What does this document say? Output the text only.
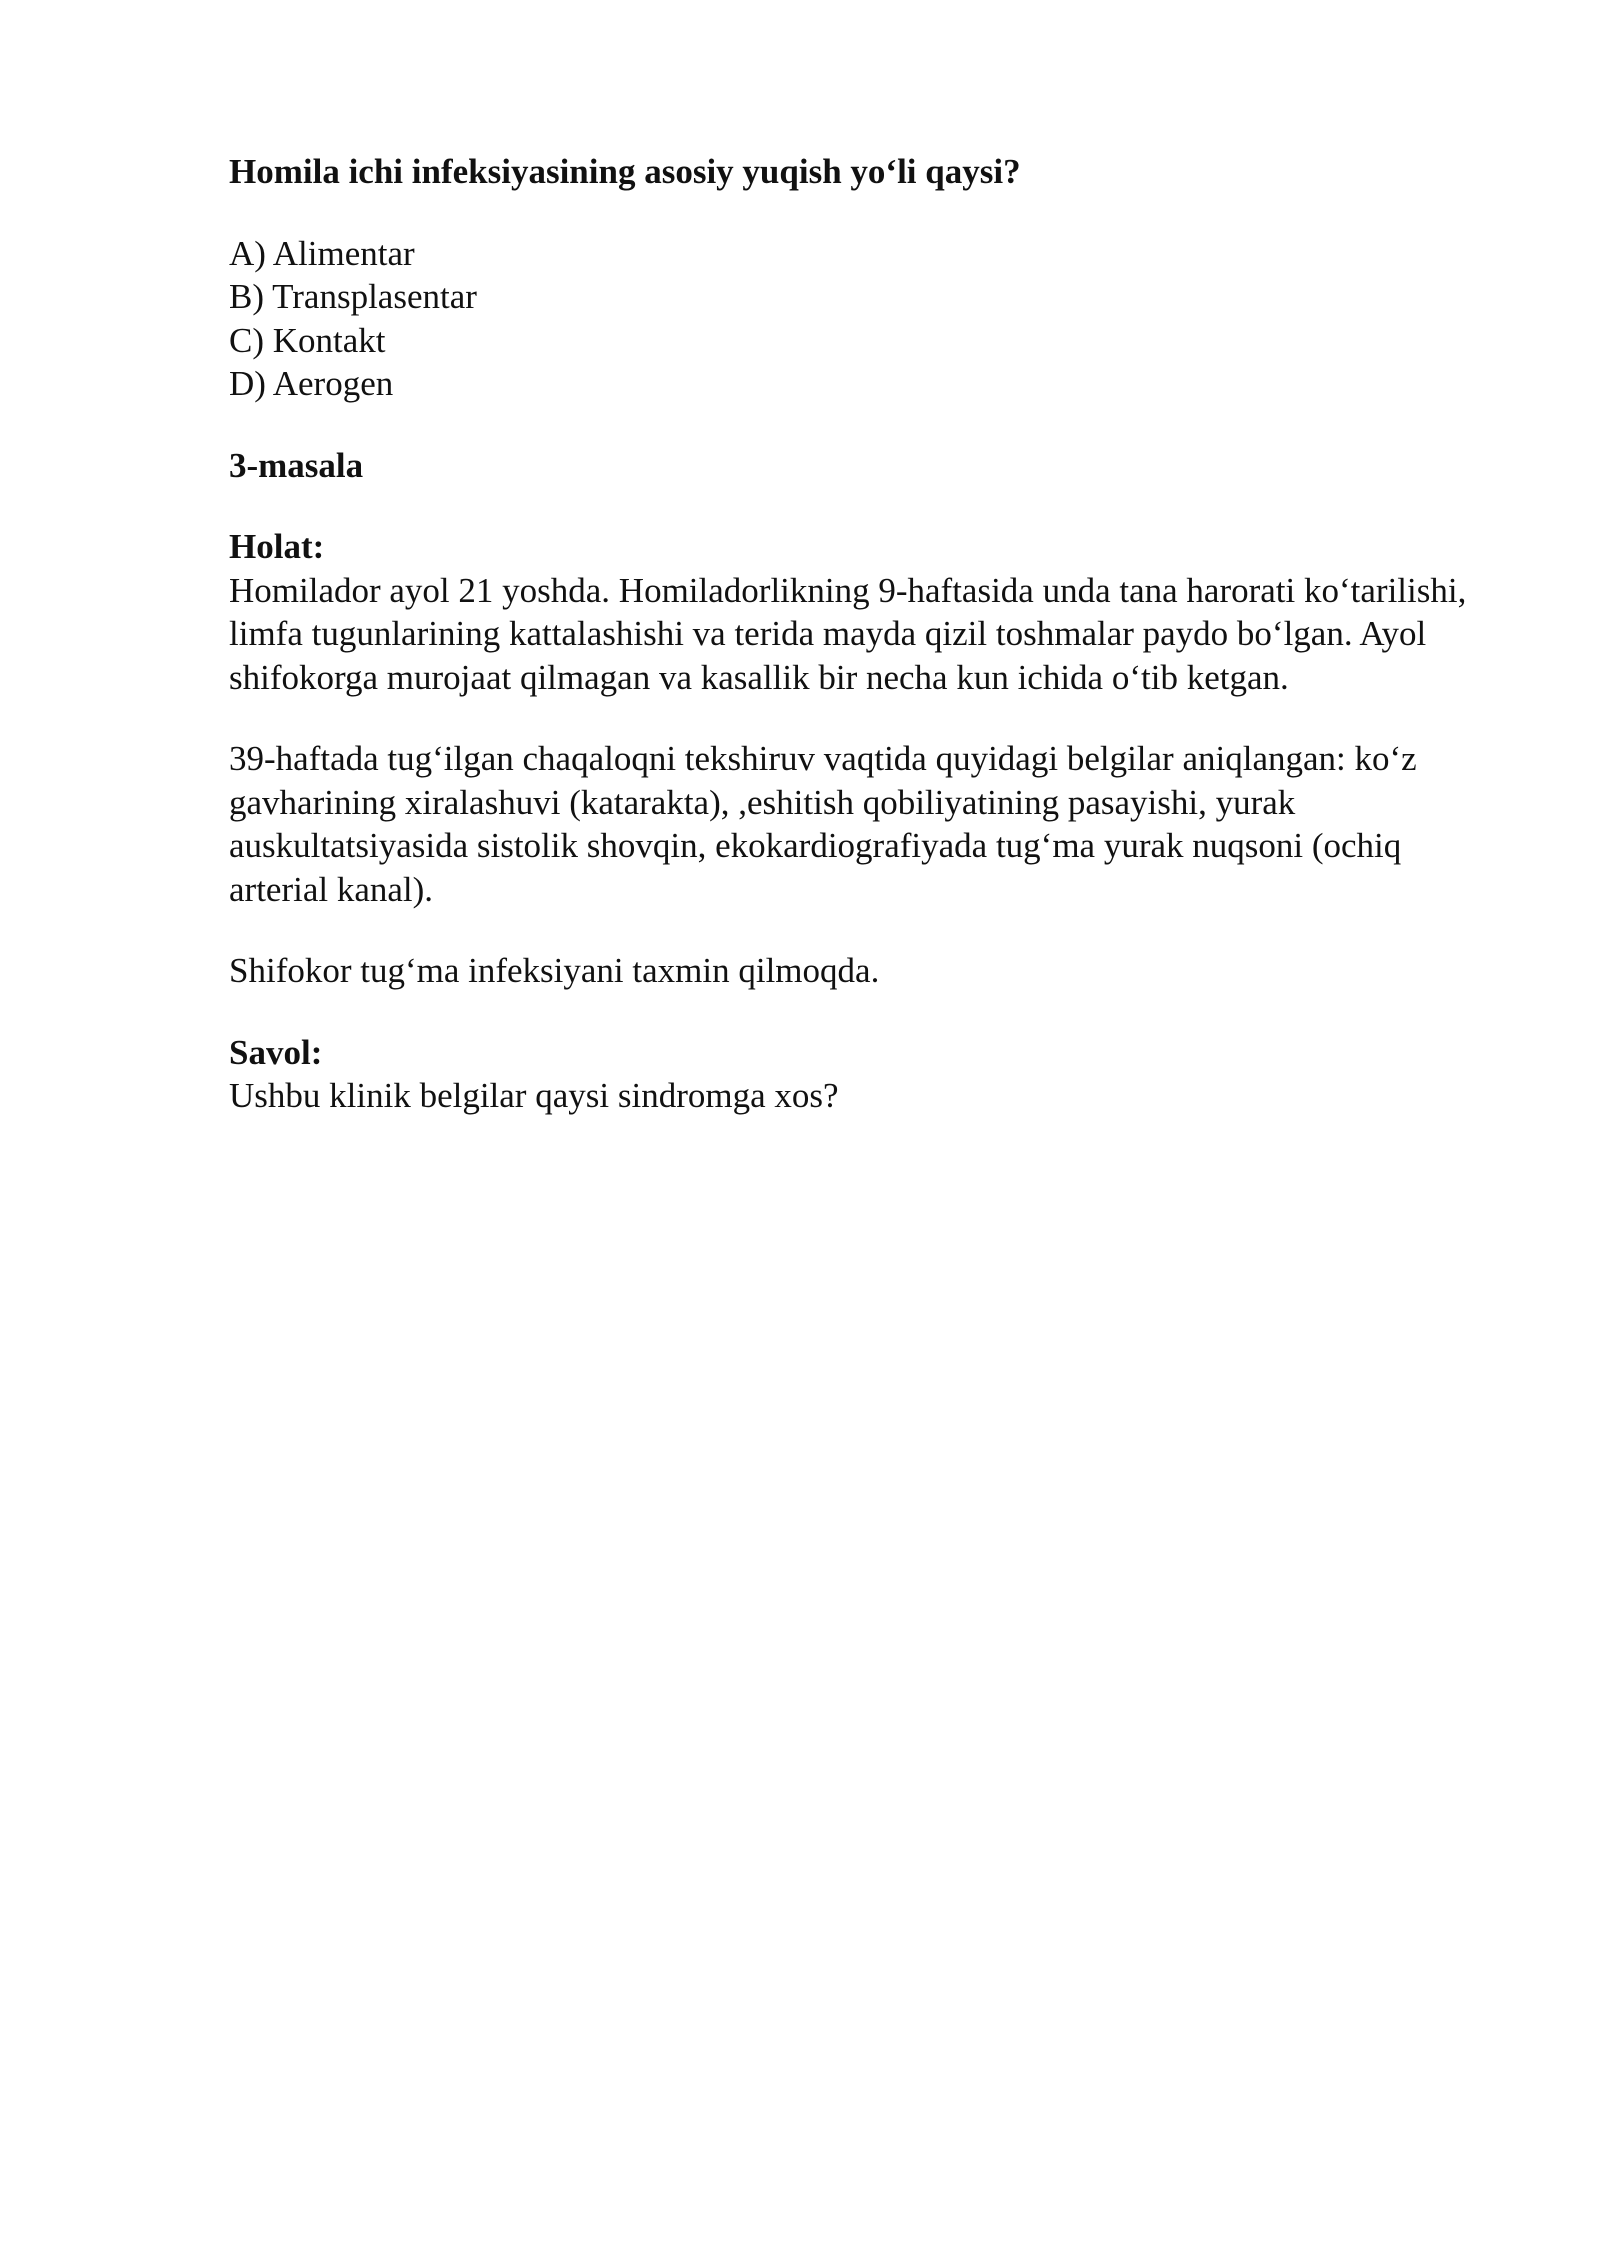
Homila ichi infeksiyasining asosiy yuqish yo‘li qaysi?

A) Alimentar
B) Transplasentar
C) Kontakt
D) Aerogen

3-masala

Holat:

Homilador ayol 21 yoshda. Homiladorlikning 9-haftasida unda tana harorati ko‘tarilishi, limfa tugunlarining kattalashishi va terida mayda qizil toshmalar paydo bo‘lgan. Ayol shifokorga murojaat qilmagan va kasallik bir necha kun ichida o‘tib ketgan.

39-haftada tug‘ilgan chaqaloqni tekshiruv vaqtida quyidagi belgilar aniqlangan: ko‘z gavharining xiralashuvi (katarakta), ,eshitish qobiliyatining pasayishi, yurak auskultatsiyasida sistolik shovqin, ekokardiografiyada tug‘ma yurak nuqsoni (ochiq arterial kanal).

Shifokor tug‘ma infeksiyani taxmin qilmoqda.

Savol:

Ushbu klinik belgilar qaysi sindromga xos?
